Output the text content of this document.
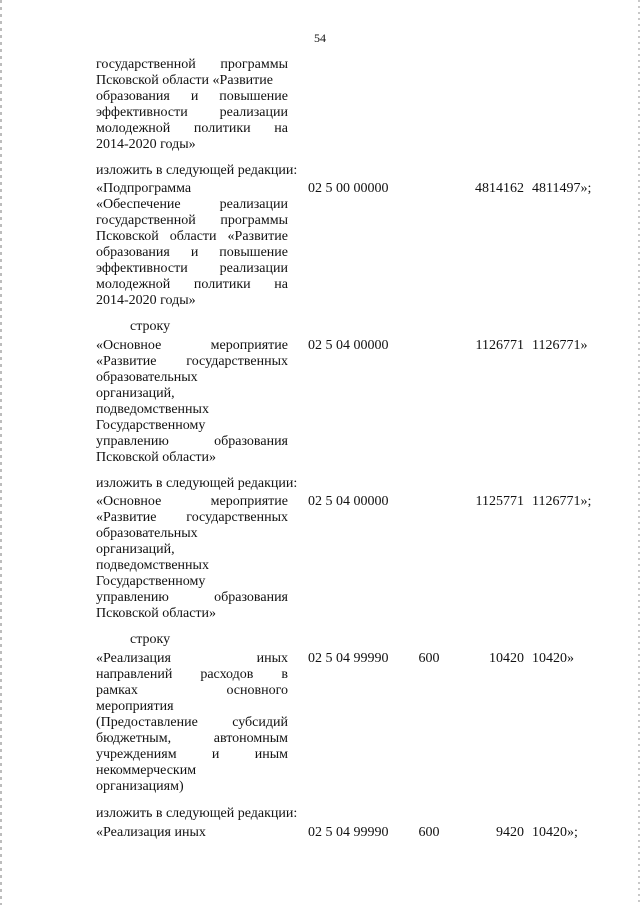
54
государственной программы
Псковской области «Развитие
образования и повышение
эффективности реализации
молодежной политики на
2014-2020 годы»
изложить в следующей редакции:
«Подпрограмма
«Обеспечение реализации
государственной программы
Псковской области «Развитие
образования и повышение
эффективности реализации
молодежной политики на
2014-2020 годы»
02 5 00 00000	4814162 4811497»;
строку
«Основное мероприятие
«Развитие государственных
образовательных
организаций,
подведомственных
Государственному
управлению образования
Псковской области»
02 5 04 00000	1126771 1126771»
изложить в следующей редакции:
«Основное мероприятие
«Развитие государственных
образовательных
организаций,
подведомственных
Государственному
управлению образования
Псковской области»
02 5 04 00000	1125771 1126771»;
строку
«Реализация иных
направлений расходов в
рамках основного
мероприятия
(Предоставление субсидий
бюджетным, автономным
учреждениям и иным
некоммерческим
организациям)
02 5 04 99990	600	10420 10420»
изложить в следующей редакции:
«Реализация иных	02 5 04 99990	600	9420 10420»;
